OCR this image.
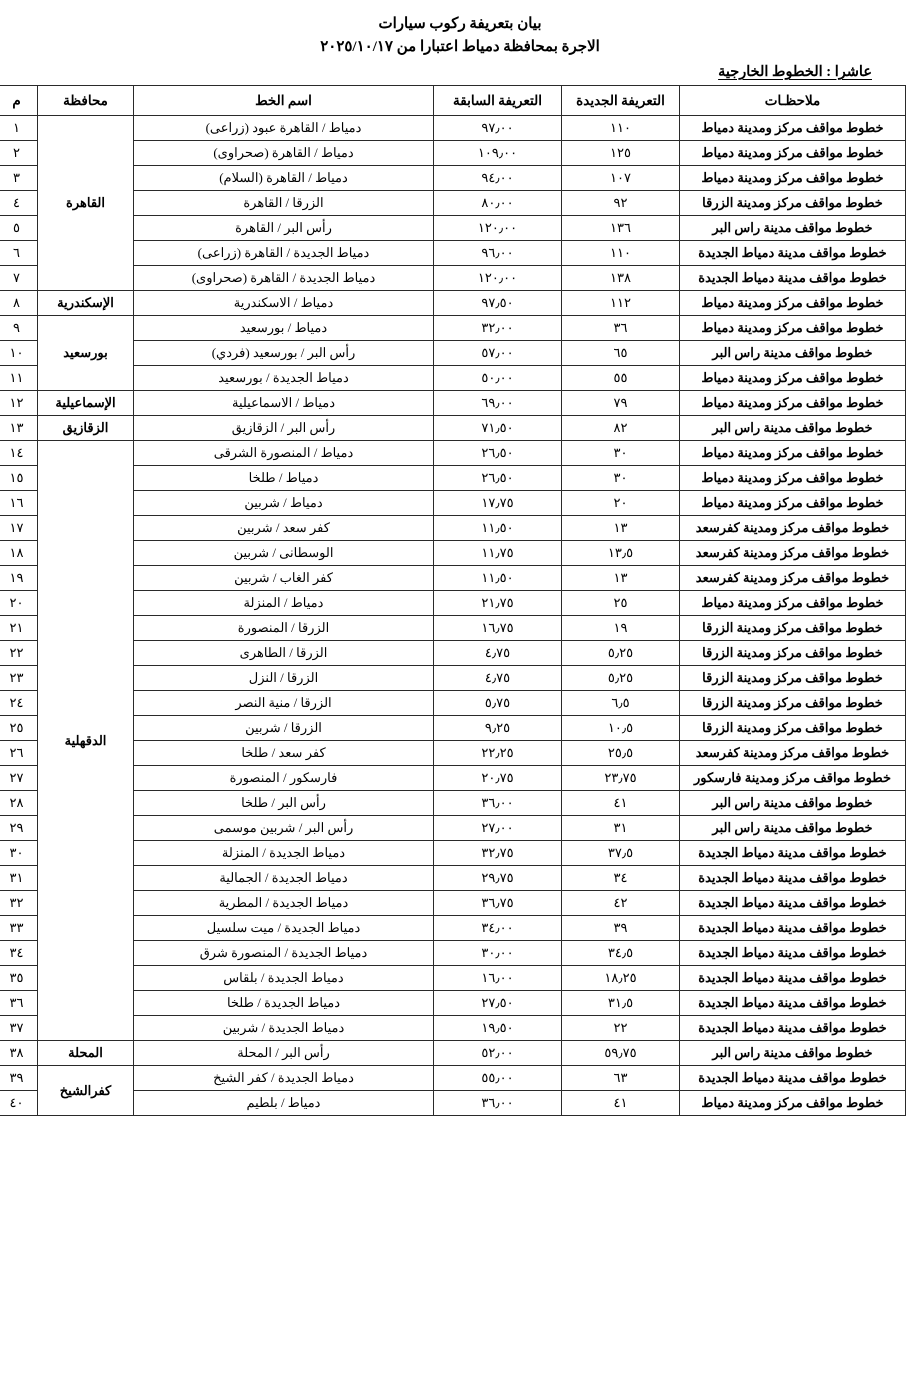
بيان بتعريفة ركوب سيارات
الاجرة بمحافظة دمياط اعتبارا من ٢٠٢٥/١٠/١٧
عاشرا : الخطوط الخارجية
ملاحظـات	التعريفة الجديدة	التعريفة السابقة	اسم الخط	محافظة	م
خطوط مواقف مركز ومدينة دمياط	١١٠	٩٧٫٠٠	دمياط / القاهرة عبود (زراعى)	القاهرة	١
خطوط مواقف مركز ومدينة دمياط	١٢٥	١٠٩٫٠٠	دمياط / القاهرة (صحراوى)		٢
خطوط مواقف مركز ومدينة دمياط	١٠٧	٩٤٫٠٠	دمياط / القاهرة (السلام)		٣
خطوط مواقف مركز ومدينة الزرقا	٩٢	٨٠٫٠٠	الزرقا / القاهرة		٤
خطوط مواقف مدينة راس البر	١٣٦	١٢٠٫٠٠	رأس البر / القاهرة		٥
خطوط مواقف مدينة دمياط الجديدة	١١٠	٩٦٫٠٠	دمياط الجديدة / القاهرة (زراعى)		٦
خطوط مواقف مدينة دمياط الجديدة	١٣٨	١٢٠٫٠٠	دمياط الجديدة / القاهرة (صحراوى)		٧
خطوط مواقف مركز ومدينة دمياط	١١٢	٩٧٫٥٠	دمياط / الاسكندرية	الإسكندرية	٨
خطوط مواقف مركز ومدينة دمياط	٣٦	٣٢٫٠٠	دمياط / بورسعيد	بورسعيد	٩
خطوط مواقف مدينة راس البر	٦٥	٥٧٫٠٠	رأس البر / بورسعيد (فردي)		١٠
خطوط مواقف مركز ومدينة دمياط	٥٥	٥٠٫٠٠	دمياط الجديدة / بورسعيد		١١
خطوط مواقف مركز ومدينة دمياط	٧٩	٦٩٫٠٠	دمياط / الاسماعيلية	الإسماعيلية	١٢
خطوط مواقف مدينة راس البر	٨٢	٧١٫٥٠	رأس البر / الزقازيق	الزقازيق	١٣
خطوط مواقف مركز ومدينة دمياط	٣٠	٢٦٫٥٠	دمياط / المنصورة الشرقى	الدقهلية	١٤
خطوط مواقف مركز ومدينة دمياط	٣٠	٢٦٫٥٠	دمياط / طلخا		١٥
خطوط مواقف مركز ومدينة دمياط	٢٠	١٧٫٧٥	دمياط / شربين		١٦
خطوط مواقف مركز ومدينة كفرسعد	١٣	١١٫٥٠	كفر سعد / شربين		١٧
خطوط مواقف مركز ومدينة كفرسعد	١٣٫٥	١١٫٧٥	الوسطانى / شربين		١٨
خطوط مواقف مركز ومدينة كفرسعد	١٣	١١٫٥٠	كفر الغاب / شربين		١٩
خطوط مواقف مركز ومدينة دمياط	٢٥	٢١٫٧٥	دمياط / المنزلة		٢٠
خطوط مواقف مركز ومدينة الزرقا	١٩	١٦٫٧٥	الزرقا / المنصورة		٢١
خطوط مواقف مركز ومدينة الزرقا	٥٫٢٥	٤٫٧٥	الزرقا / الطاهرى		٢٢
خطوط مواقف مركز ومدينة الزرقا	٥٫٢٥	٤٫٧٥	الزرقا / النزل		٢٣
خطوط مواقف مركز ومدينة الزرقا	٦٫٥	٥٫٧٥	الزرقا / منية النصر		٢٤
خطوط مواقف مركز ومدينة الزرقا	١٠٫٥	٩٫٢٥	الزرقا / شربين		٢٥
خطوط مواقف مركز ومدينة كفرسعد	٢٥٫٥	٢٢٫٢٥	كفر سعد / طلخا		٢٦
خطوط مواقف مركز ومدينة فارسكور	٢٣٫٧٥	٢٠٫٧٥	فارسكور / المنصورة		٢٧
خطوط مواقف مدينة راس البر	٤١	٣٦٫٠٠	رأس البر / طلخا		٢٨
خطوط مواقف مدينة راس البر	٣١	٢٧٫٠٠	رأس البر / شربين موسمى		٢٩
خطوط مواقف مدينة دمياط الجديدة	٣٧٫٥	٣٢٫٧٥	دمياط الجديدة / المنزلة		٣٠
خطوط مواقف مدينة دمياط الجديدة	٣٤	٢٩٫٧٥	دمياط الجديدة / الجمالية		٣١
خطوط مواقف مدينة دمياط الجديدة	٤٢	٣٦٫٧٥	دمياط الجديدة / المطرية		٣٢
خطوط مواقف مدينة دمياط الجديدة	٣٩	٣٤٫٠٠	دمياط الجديدة / ميت سلسيل		٣٣
خطوط مواقف مدينة دمياط الجديدة	٣٤٫٥	٣٠٫٠٠	دمياط الجديدة / المنصورة شرق		٣٤
خطوط مواقف مدينة دمياط الجديدة	١٨٫٢٥	١٦٫٠٠	دمياط الجديدة / بلقاس		٣٥
خطوط مواقف مدينة دمياط الجديدة	٣١٫٥	٢٧٫٥٠	دمياط الجديدة / طلخا		٣٦
خطوط مواقف مدينة دمياط الجديدة	٢٢	١٩٫٥٠	دمياط الجديدة / شربين		٣٧
خطوط مواقف مدينة راس البر	٥٩٫٧٥	٥٢٫٠٠	رأس البر / المحلة	المحلة	٣٨
خطوط مواقف مدينة دمياط الجديدة	٦٣	٥٥٫٠٠	دمياط الجديدة / كفر الشيخ	كفرالشيخ	٣٩
خطوط مواقف مركز ومدينة دمياط	٤١	٣٦٫٠٠	دمياط / بلطيم		٤٠
